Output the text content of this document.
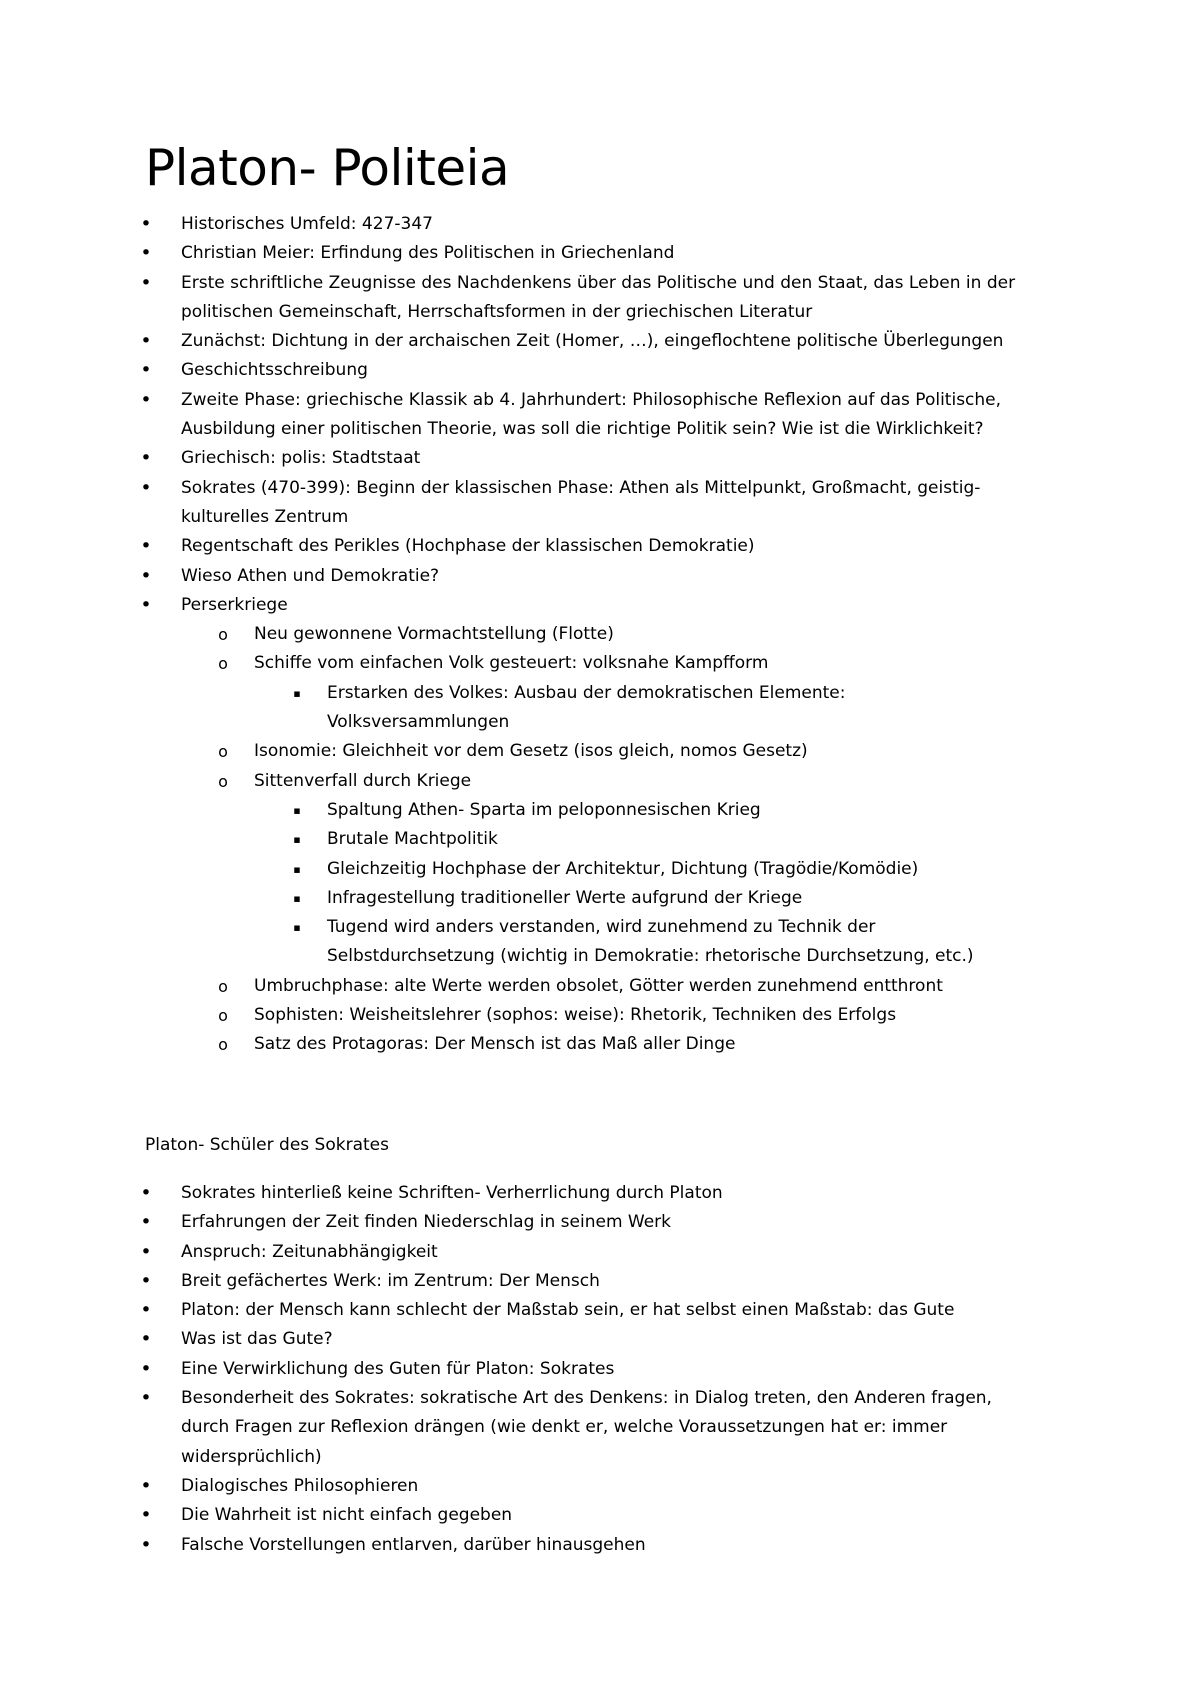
Platon- Politeia
• Historisches Umfeld: 427-347
• Christian Meier: Erfindung des Politischen in Griechenland
• Erste schriftliche Zeugnisse des Nachdenkens über das Politische und den Staat, das Leben in der
politischen Gemeinschaft, Herrschaftsformen in der griechischen Literatur
• Zunächst: Dichtung in der archaischen Zeit (Homer, …), eingeflochtene politische Überlegungen
• Geschichtsschreibung
• Zweite Phase: griechische Klassik ab 4. Jahrhundert: Philosophische Reflexion auf das Politische,
Ausbildung einer politischen Theorie, was soll die richtige Politik sein? Wie ist die Wirklichkeit?
• Griechisch: polis: Stadtstaat
• Sokrates (470-399): Beginn der klassischen Phase: Athen als Mittelpunkt, Großmacht, geistig-
kulturelles Zentrum
• Regentschaft des Perikles (Hochphase der klassischen Demokratie)
• Wieso Athen und Demokratie?
• Perserkriege
o Neu gewonnene Vormachtstellung (Flotte)
o Schiffe vom einfachen Volk gesteuert: volksnahe Kampfform
▪ Erstarken des Volkes: Ausbau der demokratischen Elemente:
Volksversammlungen
o Isonomie: Gleichheit vor dem Gesetz (isos gleich, nomos Gesetz)
o Sittenverfall durch Kriege
▪ Spaltung Athen- Sparta im peloponnesischen Krieg
▪ Brutale Machtpolitik
▪ Gleichzeitig Hochphase der Architektur, Dichtung (Tragödie/Komödie)
▪ Infragestellung traditioneller Werte aufgrund der Kriege
▪ Tugend wird anders verstanden, wird zunehmend zu Technik der
Selbstdurchsetzung (wichtig in Demokratie: rhetorische Durchsetzung, etc.)
o Umbruchphase: alte Werte werden obsolet, Götter werden zunehmend entthront
o Sophisten: Weisheitslehrer (sophos: weise): Rhetorik, Techniken des Erfolgs
o Satz des Protagoras: Der Mensch ist das Maß aller Dinge
Platon- Schüler des Sokrates
• Sokrates hinterließ keine Schriften- Verherrlichung durch Platon
• Erfahrungen der Zeit finden Niederschlag in seinem Werk
• Anspruch: Zeitunabhängigkeit
• Breit gefächertes Werk: im Zentrum: Der Mensch
• Platon: der Mensch kann schlecht der Maßstab sein, er hat selbst einen Maßstab: das Gute
• Was ist das Gute?
• Eine Verwirklichung des Guten für Platon: Sokrates
• Besonderheit des Sokrates: sokratische Art des Denkens: in Dialog treten, den Anderen fragen,
durch Fragen zur Reflexion drängen (wie denkt er, welche Voraussetzungen hat er: immer
widersprüchlich)
• Dialogisches Philosophieren
• Die Wahrheit ist nicht einfach gegeben
• Falsche Vorstellungen entlarven, darüber hinausgehen
